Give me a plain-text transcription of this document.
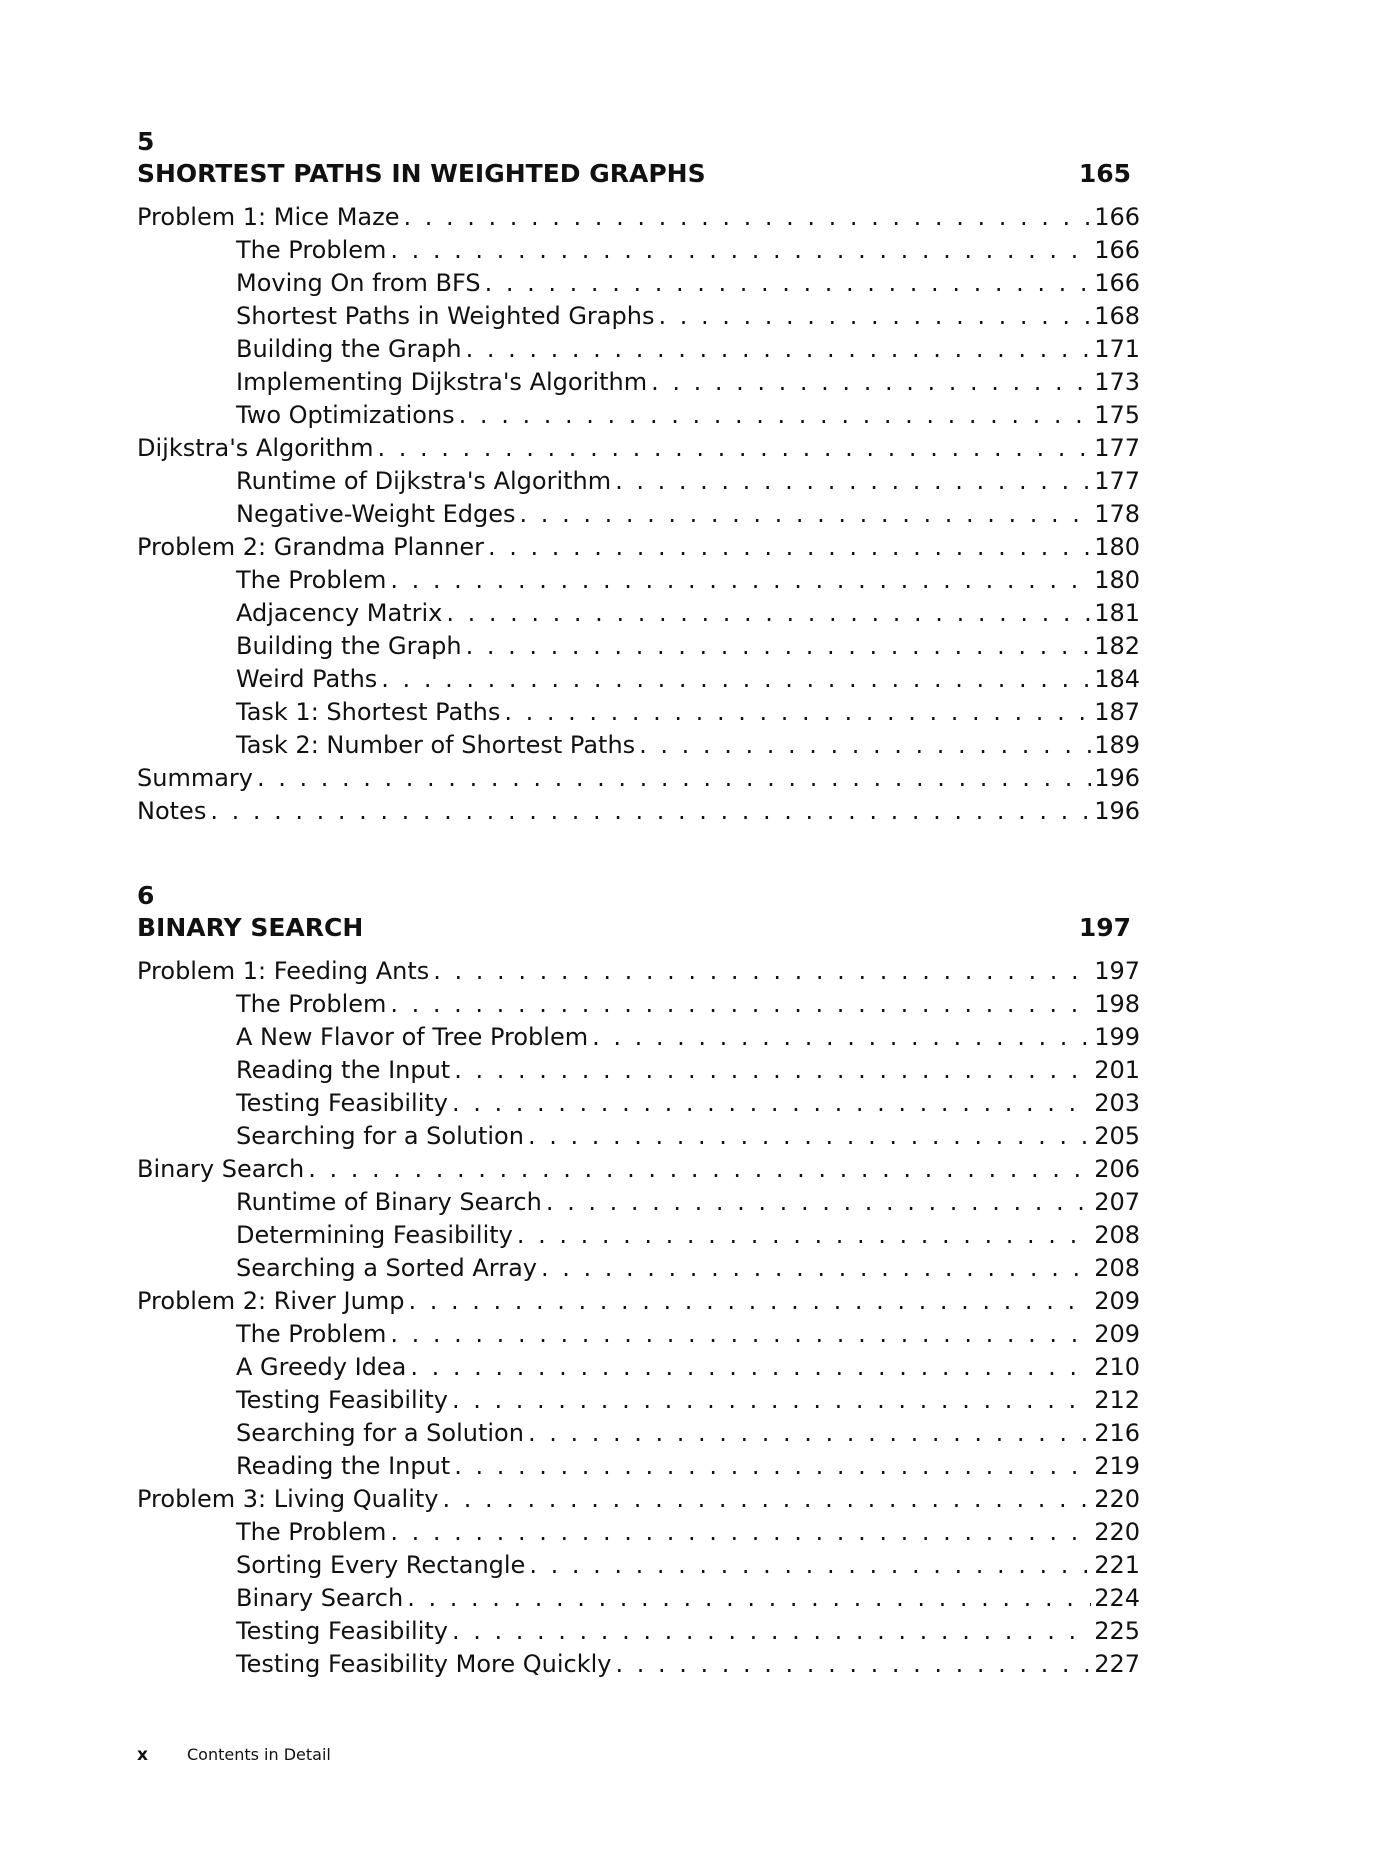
5
SHORTEST PATHS IN WEIGHTED GRAPHS	165
Problem 1: Mice Maze . . .	166
The Problem . . .	166
Moving On from BFS . . .	166
Shortest Paths in Weighted Graphs . . .	168
Building the Graph . . .	171
Implementing Dijkstra's Algorithm . . .	173
Two Optimizations . . .	175
Dijkstra's Algorithm . . .	177
Runtime of Dijkstra's Algorithm . . .	177
Negative-Weight Edges . . .	178
Problem 2: Grandma Planner . . .	180
The Problem . . .	180
Adjacency Matrix . . .	181
Building the Graph . . .	182
Weird Paths . . .	184
Task 1: Shortest Paths . . .	187
Task 2: Number of Shortest Paths . . .	189
Summary . . .	196
Notes . . .	196
6
BINARY SEARCH	197
Problem 1: Feeding Ants . . .	197
The Problem . . .	198
A New Flavor of Tree Problem . . .	199
Reading the Input . . .	201
Testing Feasibility . . .	203
Searching for a Solution . . .	205
Binary Search . . .	206
Runtime of Binary Search . . .	207
Determining Feasibility . . .	208
Searching a Sorted Array . . .	208
Problem 2: River Jump . . .	209
The Problem . . .	209
A Greedy Idea . . .	210
Testing Feasibility . . .	212
Searching for a Solution . . .	216
Reading the Input . . .	219
Problem 3: Living Quality . . .	220
The Problem . . .	220
Sorting Every Rectangle . . .	221
Binary Search . . .	224
Testing Feasibility . . .	225
Testing Feasibility More Quickly . . .	227
x	Contents in Detail
